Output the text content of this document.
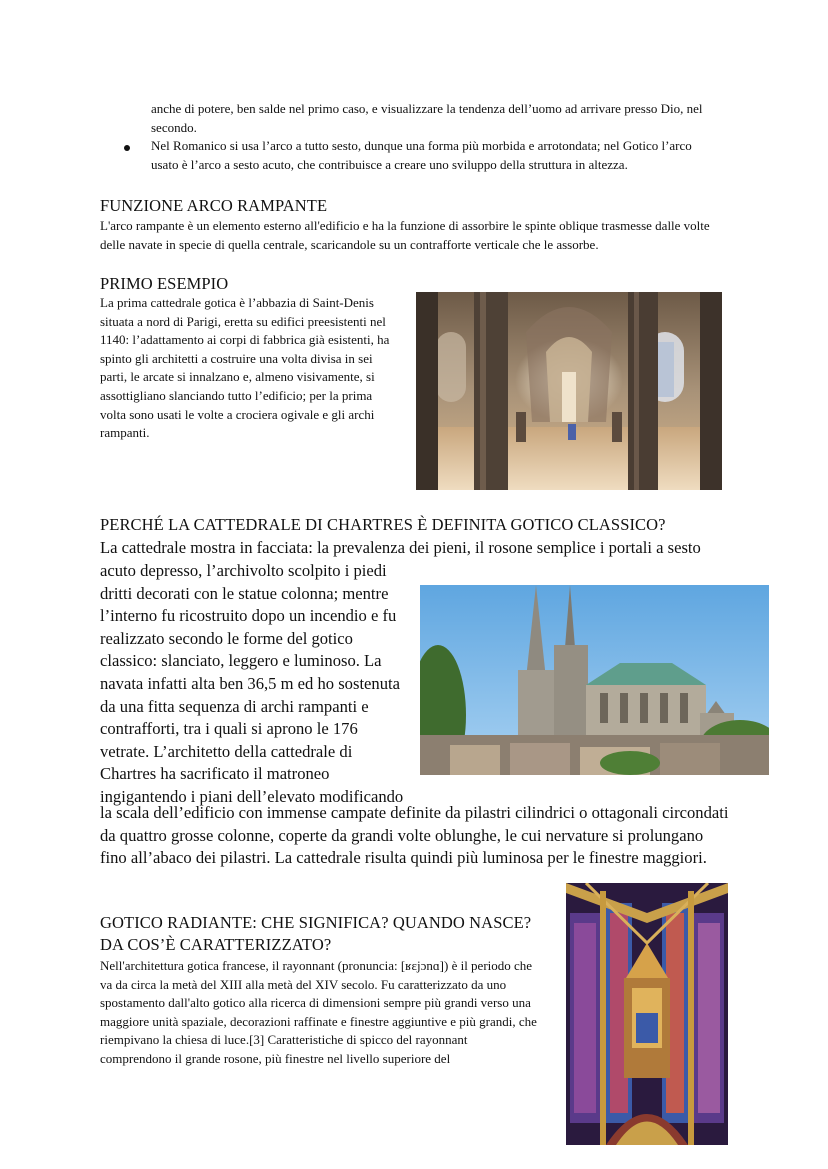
anche di potere, ben salde nel primo caso, e visualizzare la tendenza dell’uomo ad arrivare presso Dio, nel secondo.

Nel Romanico si usa l’arco a tutto sesto, dunque una forma più morbida e arrotondata; nel Gotico l’arco usato è l’arco a sesto acuto, che contribuisce a creare uno sviluppo della struttura in altezza.

FUNZIONE ARCO RAMPANTE

L'arco rampante è un elemento esterno all'edificio e ha la funzione di assorbire le spinte oblique trasmesse dalle volte delle navate in specie di quella centrale, scaricandole su un contrafforte verticale che le assorbe.

PRIMO ESEMPIO

La prima cattedrale gotica è l’abbazia di Saint-Denis situata a nord di Parigi, eretta su edifici preesistenti nel 1140: l’adattamento ai corpi di fabbrica già esistenti, ha spinto gli architetti a costruire una volta divisa in sei parti, le arcate si innalzano e, almeno visivamente, si assottigliano slanciando tutto l’edificio; per la prima volta sono usati le volte a crociera ogivale e gli archi rampanti.

PERCHÉ LA CATTEDRALE DI CHARTRES È DEFINITA GOTICO CLASSICO?

La cattedrale mostra in facciata: la prevalenza dei pieni, il rosone semplice i portali a sesto

acuto depresso, l’archivolto scolpito i piedi dritti decorati con le statue colonna; mentre l’interno fu ricostruito dopo un incendio e fu realizzato secondo le forme del gotico classico: slanciato, leggero e luminoso. La navata infatti alta ben 36,5 m ed ho sostenuta da una fitta sequenza di archi rampanti e contrafforti, tra i quali si aprono le 176 vetrate. L’architetto della cattedrale di Chartres ha sacrificato il matroneo ingigantendo i piani dell’elevato modificando

la scala dell’edificio con immense campate definite da pilastri cilindrici o ottagonali circondati da quattro grosse colonne, coperte da grandi volte oblunghe, le cui nervature si prolungano fino all’abaco dei pilastri. La cattedrale risulta quindi più luminosa per le finestre maggiori.

GOTICO RADIANTE: CHE SIGNIFICA? QUANDO NASCE?
DA COS’È CARATTERIZZATO?

Nell'architettura gotica francese, il rayonnant (pronuncia: [ʁɛjɔnɑ]) è il periodo che va da circa la metà del XIII alla metà del XIV secolo. Fu caratterizzato da uno spostamento dall'alto gotico alla ricerca di dimensioni sempre più grandi verso una maggiore unità spaziale, decorazioni raffinate e finestre aggiuntive e più grandi, che riempivano la chiesa di luce.[3] Caratteristiche di spicco del rayonnant comprendono il grande rosone, più finestre nel livello superiore del
